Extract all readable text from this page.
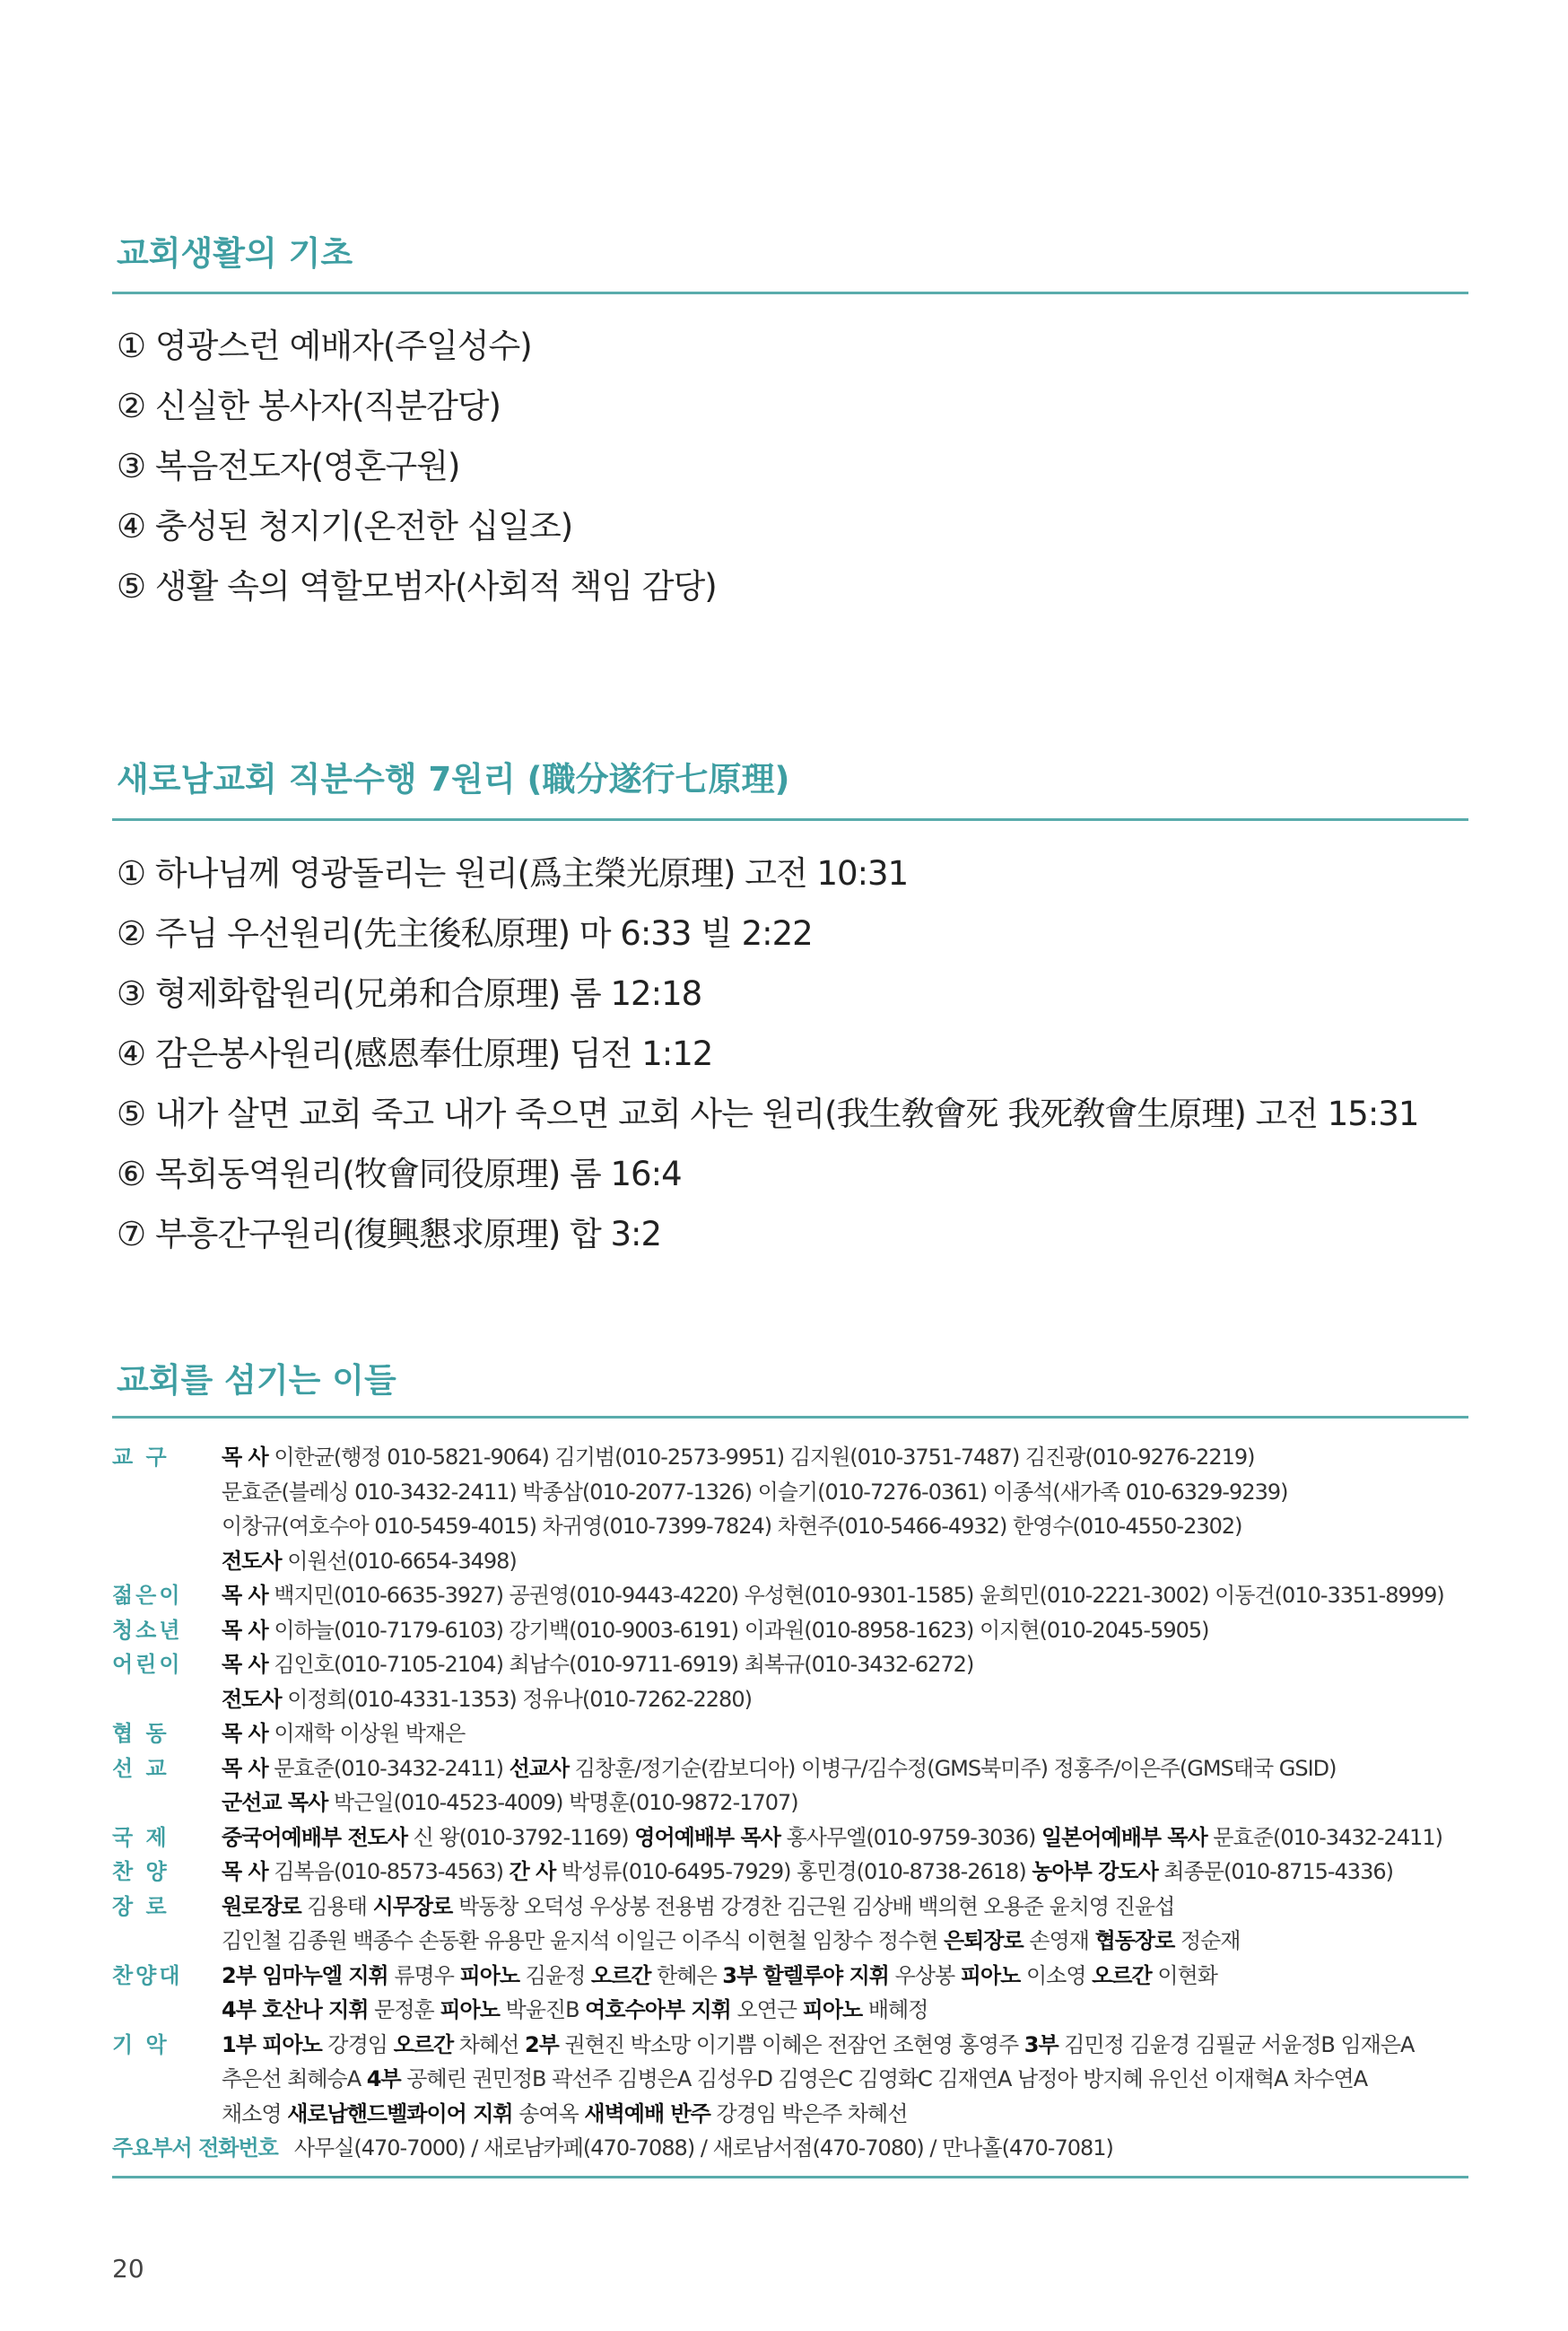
교회생활의 기초
① 영광스런 예배자(주일성수)
② 신실한 봉사자(직분감당)
③ 복음전도자(영혼구원)
④ 충성된 청지기(온전한 십일조)
⑤ 생활 속의 역할모범자(사회적 책임 감당)
새로남교회 직분수행 7원리 (職分遂行七原理)
① 하나님께 영광돌리는 원리(爲主榮光原理) 고전 10:31
② 주님 우선원리(先主後私原理) 마 6:33 빌 2:22
③ 형제화합원리(兄弟和合原理) 롬 12:18
④ 감은봉사원리(感恩奉仕原理) 딤전 1:12
⑤ 내가 살면 교회 죽고 내가 죽으면 교회 사는 원리(我生敎會死 我死敎會生原理) 고전 15:31
⑥ 목회동역원리(牧會同役原理) 롬 16:4
⑦ 부흥간구원리(復興懇求原理) 합 3:2
교회를 섬기는 이들
교 구	목 사 이한균(행정 010-5821-9064) 김기범(010-2573-9951) 김지원(010-3751-7487) 김진광(010-9276-2219)
문효준(블레싱 010-3432-2411) 박종삼(010-2077-1326) 이슬기(010-7276-0361) 이종석(새가족 010-6329-9239)
이창규(여호수아 010-5459-4015) 차귀영(010-7399-7824) 차현주(010-5466-4932) 한영수(010-4550-2302)
전도사 이원선(010-6654-3498)
젊은이	목 사 백지민(010-6635-3927) 공권영(010-9443-4220) 우성현(010-9301-1585) 윤희민(010-2221-3002) 이동건(010-3351-8999)
청소년	목 사 이하늘(010-7179-6103) 강기백(010-9003-6191) 이과원(010-8958-1623) 이지현(010-2045-5905)
어린이	목 사 김인호(010-7105-2104) 최남수(010-9711-6919) 최복규(010-3432-6272)
전도사 이정희(010-4331-1353) 정유나(010-7262-2280)
협 동	목 사 이재학 이상원 박재은
선 교	목 사 문효준(010-3432-2411) 선교사 김창훈/정기순(캄보디아) 이병구/김수정(GMS북미주) 정홍주/이은주(GMS태국 GSID)
군선교 목사 박근일(010-4523-4009) 박명훈(010-9872-1707)
국 제	중국어예배부 전도사 신 왕(010-3792-1169) 영어예배부 목사 홍사무엘(010-9759-3036) 일본어예배부 목사 문효준(010-3432-2411)
찬 양	목 사 김복음(010-8573-4563) 간 사 박성류(010-6495-7929) 홍민경(010-8738-2618) 농아부 강도사 최종문(010-8715-4336)
장 로	원로장로 김용태 시무장로 박동창 오덕성 우상봉 전용범 강경찬 김근원 김상배 백의현 오용준 윤치영 진윤섭
김인철 김종원 백종수 손동환 유용만 윤지석 이일근 이주식 이현철 임창수 정수현 은퇴장로 손영재 협동장로 정순재
찬양대	2부 임마누엘 지휘 류명우 피아노 김윤정 오르간 한혜은 3부 할렐루야 지휘 우상봉 피아노 이소영 오르간 이현화
4부 호산나 지휘 문정훈 피아노 박윤진B 여호수아부 지휘 오연근 피아노 배혜정
기 악	1부 피아노 강경임 오르간 차혜선 2부 권현진 박소망 이기쁨 이혜은 전잠언 조현영 홍영주 3부 김민정 김윤경 김필균 서윤정B 임재은A
추은선 최혜승A 4부 공혜린 권민정B 곽선주 김병은A 김성우D 김영은C 김영화C 김재연A 남정아 방지혜 유인선 이재혁A 차수연A
채소영 새로남핸드벨콰이어 지휘 송여옥 새벽예배 반주 강경임 박은주 차혜선
주요부서 전화번호 사무실(470-7000) / 새로남카페(470-7088) / 새로남서점(470-7080) / 만나홀(470-7081)

20
